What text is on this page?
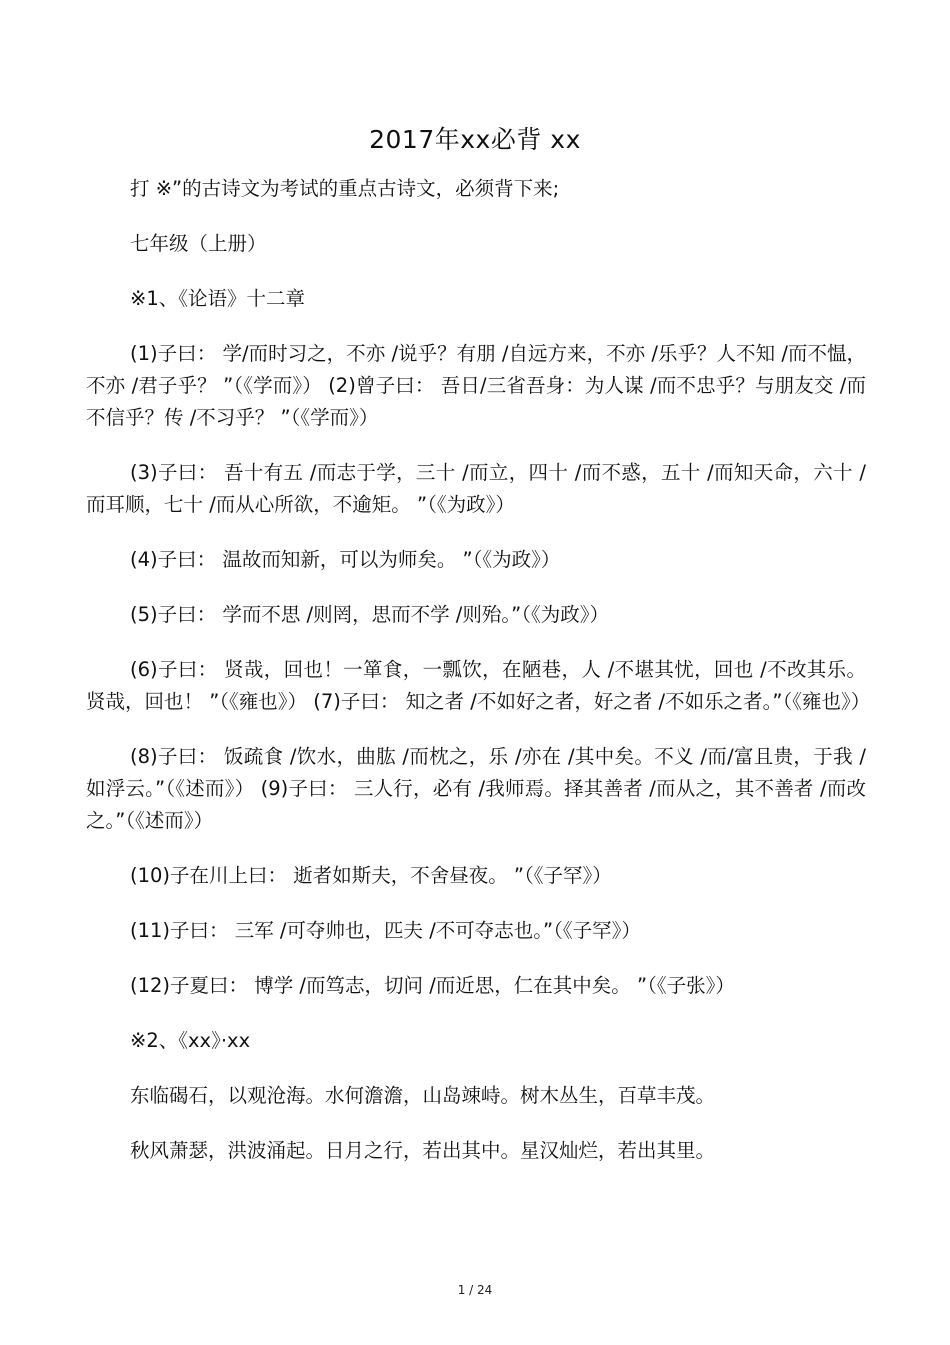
2017年xx必背 xx

打 ※”的古诗文为考试的重点古诗文，必须背下来;

七年级（上册）

※1、《论语》十二章

(1)子曰： 学/而时习之，不亦 /说乎？有朋 /自远方来，不亦 /乐乎？人不知 /而不愠，不亦 /君子乎？ ”（《学而》） (2)曾子曰： 吾日/三省吾身：为人谋 /而不忠乎？与朋友交 /而不信乎？传 /不习乎？ ”（《学而》）

(3)子曰： 吾十有五 /而志于学，三十 /而立，四十 /而不惑，五十 /而知天命，六十 /而耳顺，七十 /而从心所欲，不逾矩。 ”（《为政》）

(4)子曰： 温故而知新，可以为师矣。 ”（《为政》）

(5)子曰： 学而不思 /则罔，思而不学 /则殆。”（《为政》）

(6)子曰： 贤哉，回也！一箪食，一瓢饮，在陋巷，人 /不堪其忧，回也 /不改其乐。贤哉，回也！ ”（《雍也》） (7)子曰： 知之者 /不如好之者，好之者 /不如乐之者。”（《雍也》）

(8)子曰： 饭疏食 /饮水，曲肱 /而枕之，乐 /亦在 /其中矣。不义 /而/富且贵，于我 /如浮云。”（《述而》） (9)子曰： 三人行，必有 /我师焉。择其善者 /而从之，其不善者 /而改之。”（《述而》）

(10)子在川上曰： 逝者如斯夫，不舍昼夜。 ”（《子罕》）

(11)子曰： 三军 /可夺帅也，匹夫 /不可夺志也。”（《子罕》）

(12)子夏曰： 博学 /而笃志，切问 /而近思，仁在其中矣。 ”（《子张》）

※2、《xx》·xx

东临碣石，以观沧海。水何澹澹，山岛竦峙。树木丛生，百草丰茂。

秋风萧瑟，洪波涌起。日月之行，若出其中。星汉灿烂，若出其里。

1 / 24
